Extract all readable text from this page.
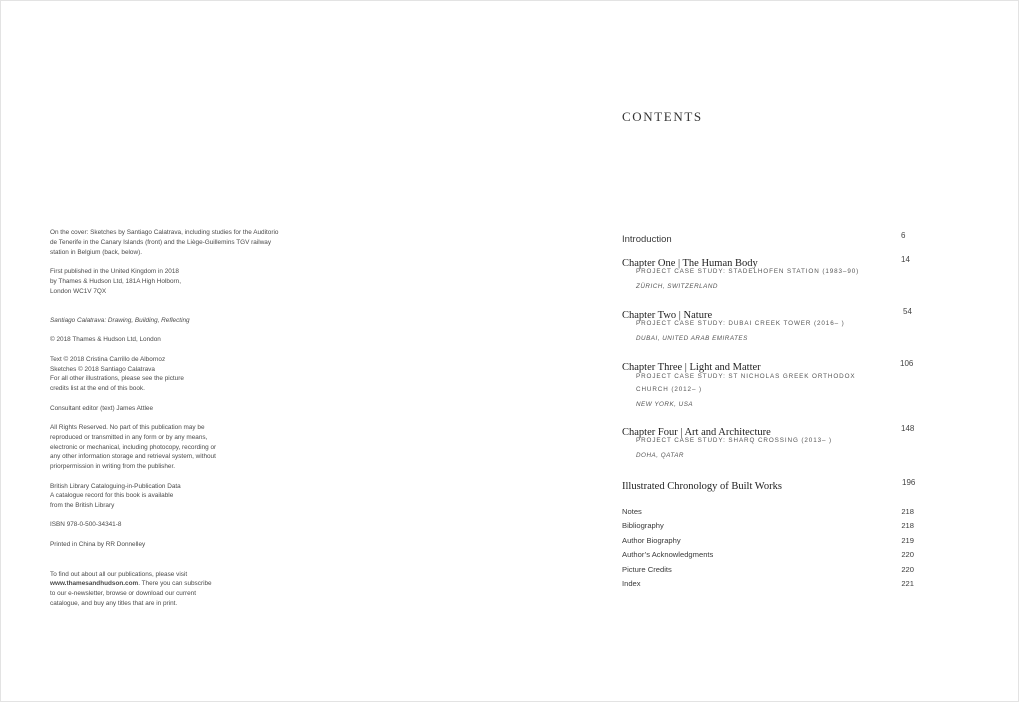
On the cover: Sketches by Santiago Calatrava, including studies for the Auditorio de Tenerife in the Canary Islands (front) and the Liège-Guillemins TGV railway station in Belgium (back, below).

First published in the United Kingdom in 2018
by Thames & Hudson Ltd, 181A High Holborn,
London WC1V 7QX

Santiago Calatrava: Drawing, Building, Reflecting

© 2018 Thames & Hudson Ltd, London

Text © 2018 Cristina Carrillo de Albornoz
Sketches © 2018 Santiago Calatrava
For all other illustrations, please see the picture
credits list at the end of this book.

Consultant editor (text) James Attlee

All Rights Reserved. No part of this publication may be
reproduced or transmitted in any form or by any means,
electronic or mechanical, including photocopy, recording or
any other information storage and retrieval system, without
priorpermission in writing from the publisher.

British Library Cataloguing-in-Publication Data
A catalogue record for this book is available
from the British Library

ISBN 978-0-500-34341-8

Printed in China by RR Donnelley

To find out about all our publications, please visit
www.thamesandhudson.com. There you can subscribe
to our e-newsletter, browse or download our current
catalogue, and buy any titles that are in print.

CONTENTS
Introduction	6
Chapter One | The Human Body	14
PROJECT CASE STUDY: STADELHOFEN STATION (1983–90)
ZÜRICH, SWITZERLAND
Chapter Two | Nature	54
PROJECT CASE STUDY: DUBAI CREEK TOWER (2016– )
DUBAI, UNITED ARAB EMIRATES
Chapter Three | Light and Matter	106
PROJECT CASE STUDY: ST NICHOLAS GREEK ORTHODOX
CHURCH (2012– )
NEW YORK, USA
Chapter Four | Art and Architecture	148
PROJECT CASE STUDY: SHARQ CROSSING (2013– )
DOHA, QATAR
Illustrated Chronology of Built Works	196
Notes	218
Bibliography	218
Author Biography	219
Author’s Acknowledgments	220
Picture Credits	220
Index	221
